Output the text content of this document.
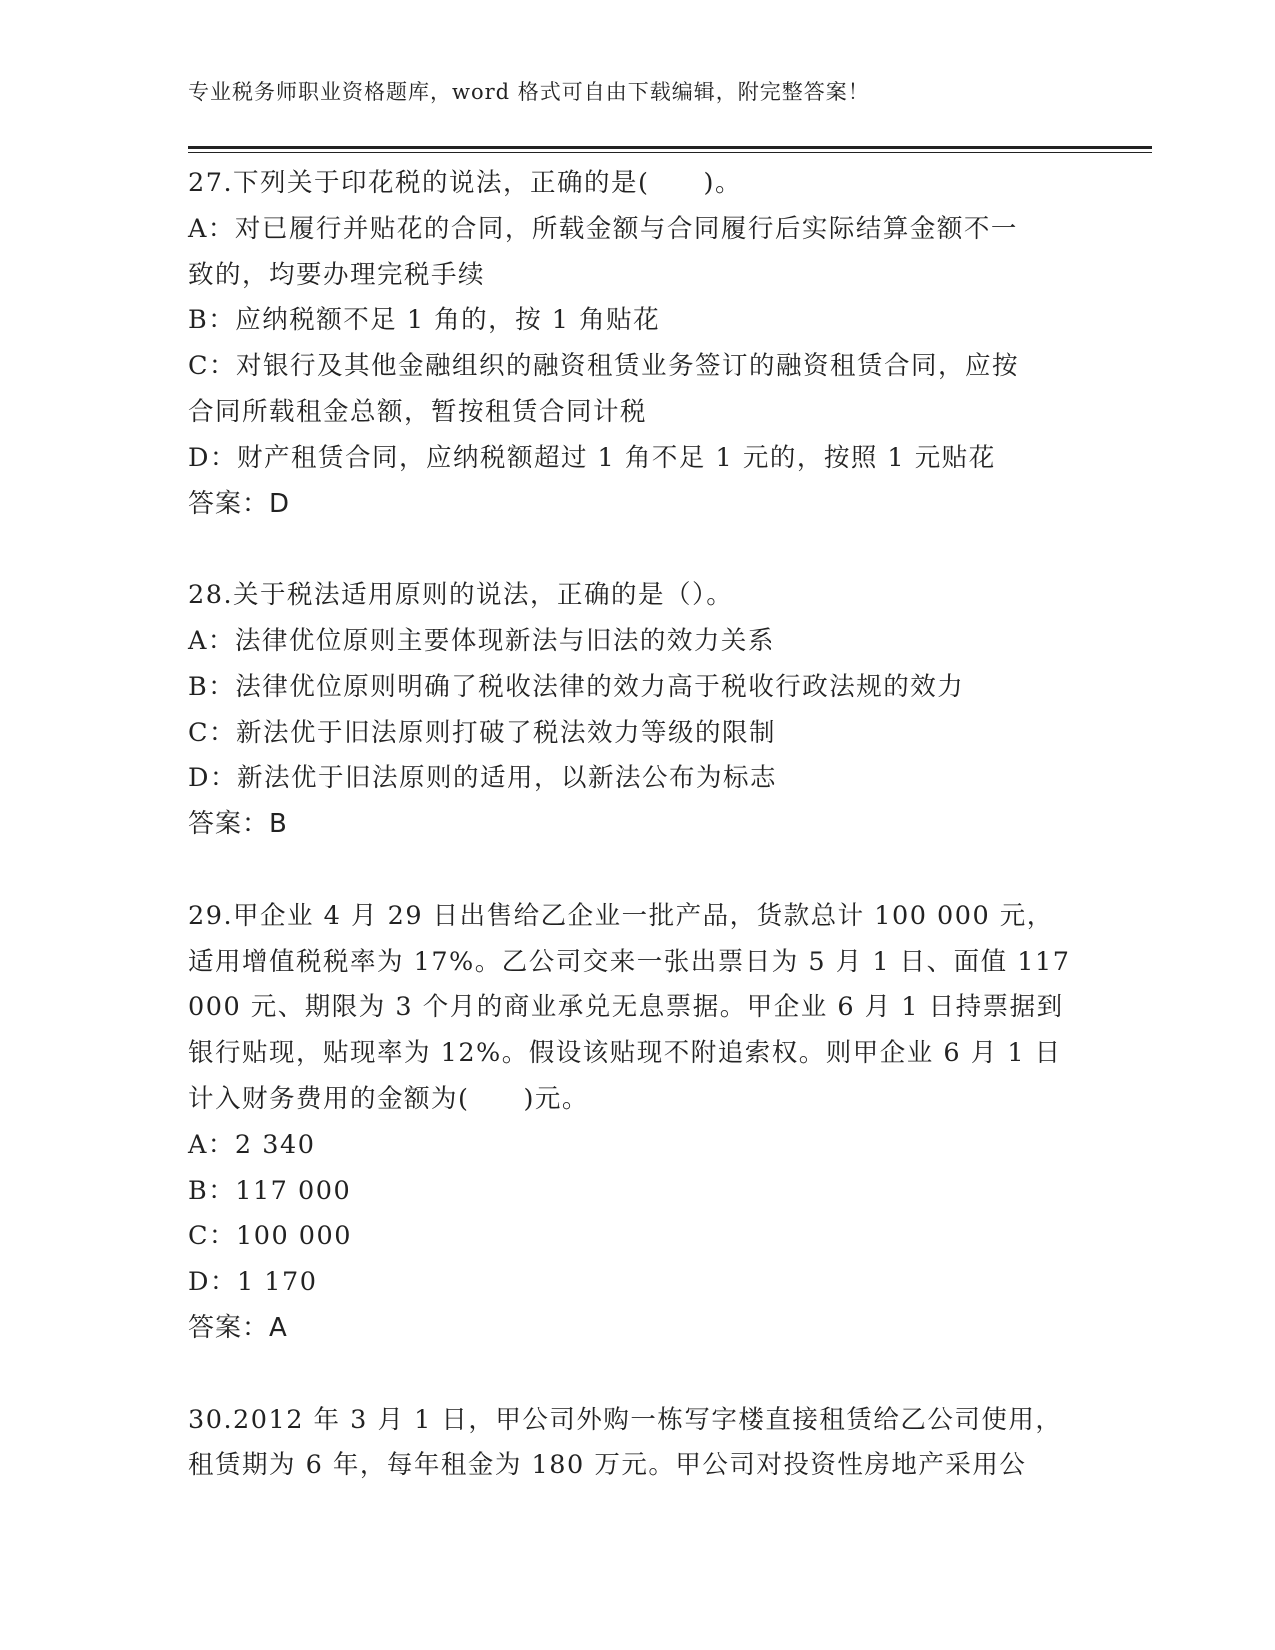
专业税务师职业资格题库，word 格式可自由下载编辑，附完整答案！
27.下列关于印花税的说法，正确的是(　　)。
A：对已履行并贴花的合同，所载金额与合同履行后实际结算金额不一
致的，均要办理完税手续
B：应纳税额不足 1 角的，按 1 角贴花
C：对银行及其他金融组织的融资租赁业务签订的融资租赁合同，应按
合同所载租金总额，暂按租赁合同计税
D：财产租赁合同，应纳税额超过 1 角不足 1 元的，按照 1 元贴花
答案：D
28.关于税法适用原则的说法，正确的是（）。
A：法律优位原则主要体现新法与旧法的效力关系
B：法律优位原则明确了税收法律的效力高于税收行政法规的效力
C：新法优于旧法原则打破了税法效力等级的限制
D：新法优于旧法原则的适用，以新法公布为标志
答案：B
29.甲企业 4 月 29 日出售给乙企业一批产品，货款总计 100 000 元，
适用增值税税率为 17%。乙公司交来一张出票日为 5 月 1 日、面值 117
000 元、期限为 3 个月的商业承兑无息票据。甲企业 6 月 1 日持票据到
银行贴现，贴现率为 12%。假设该贴现不附追索权。则甲企业 6 月 1 日
计入财务费用的金额为(　　)元。
A：2 340
B：117 000
C：100 000
D：1 170
答案：A
30.2012 年 3 月 1 日，甲公司外购一栋写字楼直接租赁给乙公司使用，
租赁期为 6 年，每年租金为 180 万元。甲公司对投资性房地产采用公
